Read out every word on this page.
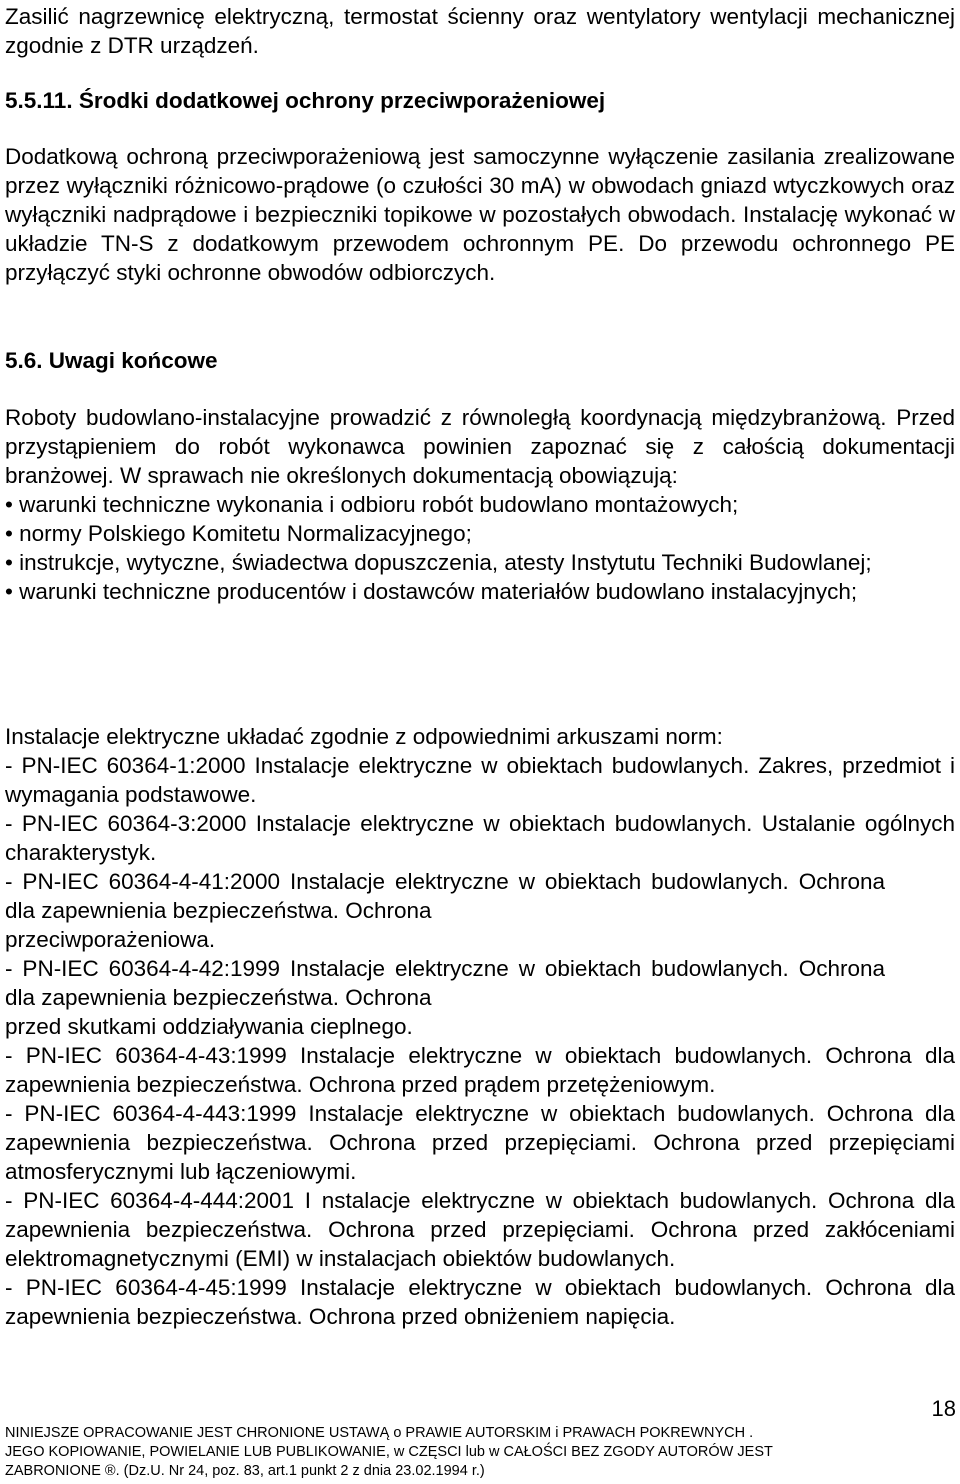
Zasilić nagrzewnicę elektryczną, termostat ścienny oraz wentylatory wentylacji mechanicznej zgodnie z DTR urządzeń.

5.5.11. Środki dodatkowej ochrony przeciwporażeniowej

Dodatkową ochroną przeciwporażeniową jest samoczynne wyłączenie zasilania zrealizowane przez wyłączniki różnicowo-prądowe (o czułości 30 mA) w obwodach gniazd wtyczkowych oraz wyłączniki nadprądowe i bezpieczniki topikowe w pozostałych obwodach. Instalację wykonać w układzie TN-S z dodatkowym przewodem ochronnym PE. Do przewodu ochronnego PE przyłączyć styki ochronne obwodów odbiorczych.

5.6. Uwagi końcowe

Roboty budowlano-instalacyjne prowadzić z równoległą koordynacją międzybranżową. Przed przystąpieniem do robót wykonawca powinien zapoznać się z całością dokumentacji branżowej. W sprawach nie określonych dokumentacją obowiązują:

• warunki techniczne wykonania i odbioru robót budowlano montażowych;
• normy Polskiego Komitetu Normalizacyjnego;
• instrukcje, wytyczne, świadectwa dopuszczenia, atesty Instytutu Techniki Budowlanej;
• warunki techniczne producentów i dostawców materiałów budowlano instalacyjnych;

Instalacje elektryczne układać zgodnie z odpowiednimi arkuszami norm:

- PN-IEC 60364-1:2000 Instalacje elektryczne w obiektach budowlanych. Zakres, przedmiot i wymagania podstawowe.

- PN-IEC 60364-3:2000 Instalacje elektryczne w obiektach budowlanych. Ustalanie ogólnych charakterystyk.

- PN-IEC 60364-4-41:2000 Instalacje elektryczne w obiektach budowlanych. Ochrona dla zapewnienia bezpieczeństwa. Ochrona

przeciwporażeniowa.

- PN-IEC 60364-4-42:1999 Instalacje elektryczne w obiektach budowlanych. Ochrona dla zapewnienia bezpieczeństwa. Ochrona

przed skutkami oddziaływania cieplnego.

- PN-IEC 60364-4-43:1999 Instalacje elektryczne w obiektach budowlanych. Ochrona dla zapewnienia bezpieczeństwa. Ochrona przed prądem przetężeniowym.

- PN-IEC 60364-4-443:1999 Instalacje elektryczne w obiektach budowlanych. Ochrona dla zapewnienia bezpieczeństwa. Ochrona przed przepięciami. Ochrona przed przepięciami atmosferycznymi lub łączeniowymi.

- PN-IEC 60364-4-444:2001 I nstalacje elektryczne w obiektach budowlanych. Ochrona dla zapewnienia bezpieczeństwa. Ochrona przed przepięciami. Ochrona przed zakłóceniami elektromagnetycznymi (EMI) w instalacjach obiektów budowlanych.

- PN-IEC 60364-4-45:1999 Instalacje elektryczne w obiektach budowlanych. Ochrona dla zapewnienia bezpieczeństwa. Ochrona przed obniżeniem napięcia.

18
NINIEJSZE OPRACOWANIE JEST CHRONIONE USTAWĄ o PRAWIE AUTORSKIM i PRAWACH POKREWNYCH .
JEGO KOPIOWANIE, POWIELANIE LUB PUBLIKOWANIE, w CZĘSCI lub w CAŁOŚCI BEZ ZGODY AUTORÓW JEST
ZABRONIONE ®. (Dz.U. Nr 24, poz. 83, art.1 punkt 2 z dnia 23.02.1994 r.)
